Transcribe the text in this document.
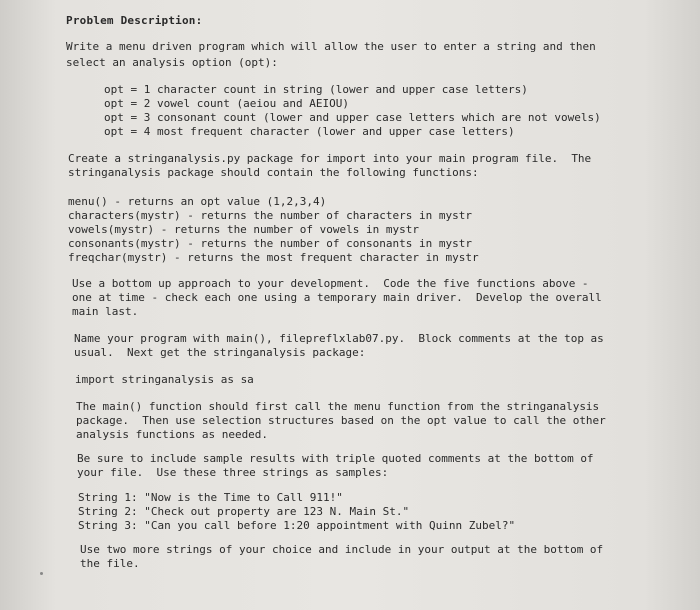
Problem Description:
Write a menu driven program which will allow the user to enter a string and then
select an analysis option (opt):
opt = 1 character count in string (lower and upper case letters)
opt = 2 vowel count (aeiou and AEIOU)
opt = 3 consonant count (lower and upper case letters which are not vowels)
opt = 4 most frequent character (lower and upper case letters)
Create a stringanalysis.py package for import into your main program file.  The
stringanalysis package should contain the following functions:
menu() - returns an opt value (1,2,3,4)
characters(mystr) - returns the number of characters in mystr
vowels(mystr) - returns the number of vowels in mystr
consonants(mystr) - returns the number of consonants in mystr
freqchar(mystr) - returns the most frequent character in mystr
Use a bottom up approach to your development.  Code the five functions above -
one at time - check each one using a temporary main driver.  Develop the overall
main last.
Name your program with main(), filepreflxlab07.py.  Block comments at the top as
usual.  Next get the stringanalysis package:
import stringanalysis as sa
The main() function should first call the menu function from the stringanalysis
package.  Then use selection structures based on the opt value to call the other
analysis functions as needed.
Be sure to include sample results with triple quoted comments at the bottom of
your file.  Use these three strings as samples:
String 1: "Now is the Time to Call 911!"
String 2: "Check out property are 123 N. Main St."
String 3: "Can you call before 1:20 appointment with Quinn Zubel?"
Use two more strings of your choice and include in your output at the bottom of
the file.
